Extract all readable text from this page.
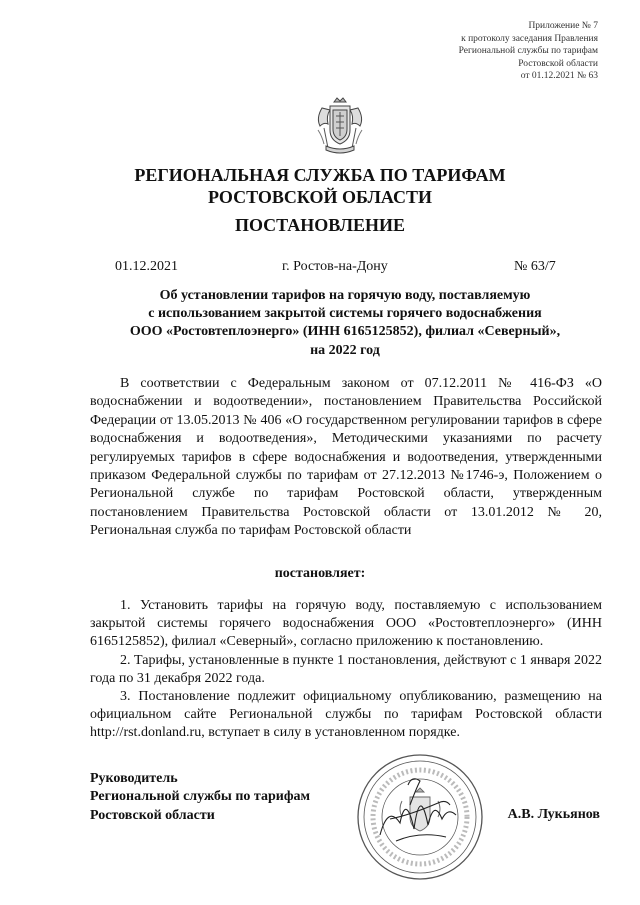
Приложение № 7
к протоколу заседания Правления
Региональной службы по тарифам
Ростовской области
от 01.12.2021 № 63
РЕГИОНАЛЬНАЯ СЛУЖБА ПО ТАРИФАМ
РОСТОВСКОЙ ОБЛАСТИ
ПОСТАНОВЛЕНИЕ
01.12.2021	г. Ростов-на-Дону	№ 63/7
Об установлении тарифов на горячую воду, поставляемую
с использованием закрытой системы горячего водоснабжения
ООО «Ростовтеплоэнерго» (ИНН 6165125852), филиал «Северный»,
на 2022 год

В соответствии с Федеральным законом от 07.12.2011 № 416-ФЗ «О водоснабжении и водоотведении», постановлением Правительства Российской Федерации от 13.05.2013 № 406 «О государственном регулировании тарифов в сфере водоснабжения и водоотведения», Методическими указаниями по расчету регулируемых тарифов в сфере водоснабжения и водоотведения, утвержденными приказом Федеральной службы по тарифам от 27.12.2013 №1746-э, Положением о Региональной службе по тарифам Ростовской области, утвержденным постановлением Правительства Ростовской области от 13.01.2012 № 20, Региональная служба по тарифам Ростовской области

постановляет:

1. Установить тарифы на горячую воду, поставляемую с использованием закрытой системы горячего водоснабжения ООО «Ростовтеплоэнерго» (ИНН 6165125852), филиал «Северный», согласно приложению к постановлению.

2. Тарифы, установленные в пункте 1 постановления, действуют с 1 января 2022 года по 31 декабря 2022 года.

3. Постановление подлежит официальному опубликованию, размещению на официальном сайте Региональной службы по тарифам Ростовской области http://rst.donland.ru, вступает в силу в установленном порядке.

Руководитель
Региональной службы по тарифам
Ростовской области	А.В. Лукьянов
